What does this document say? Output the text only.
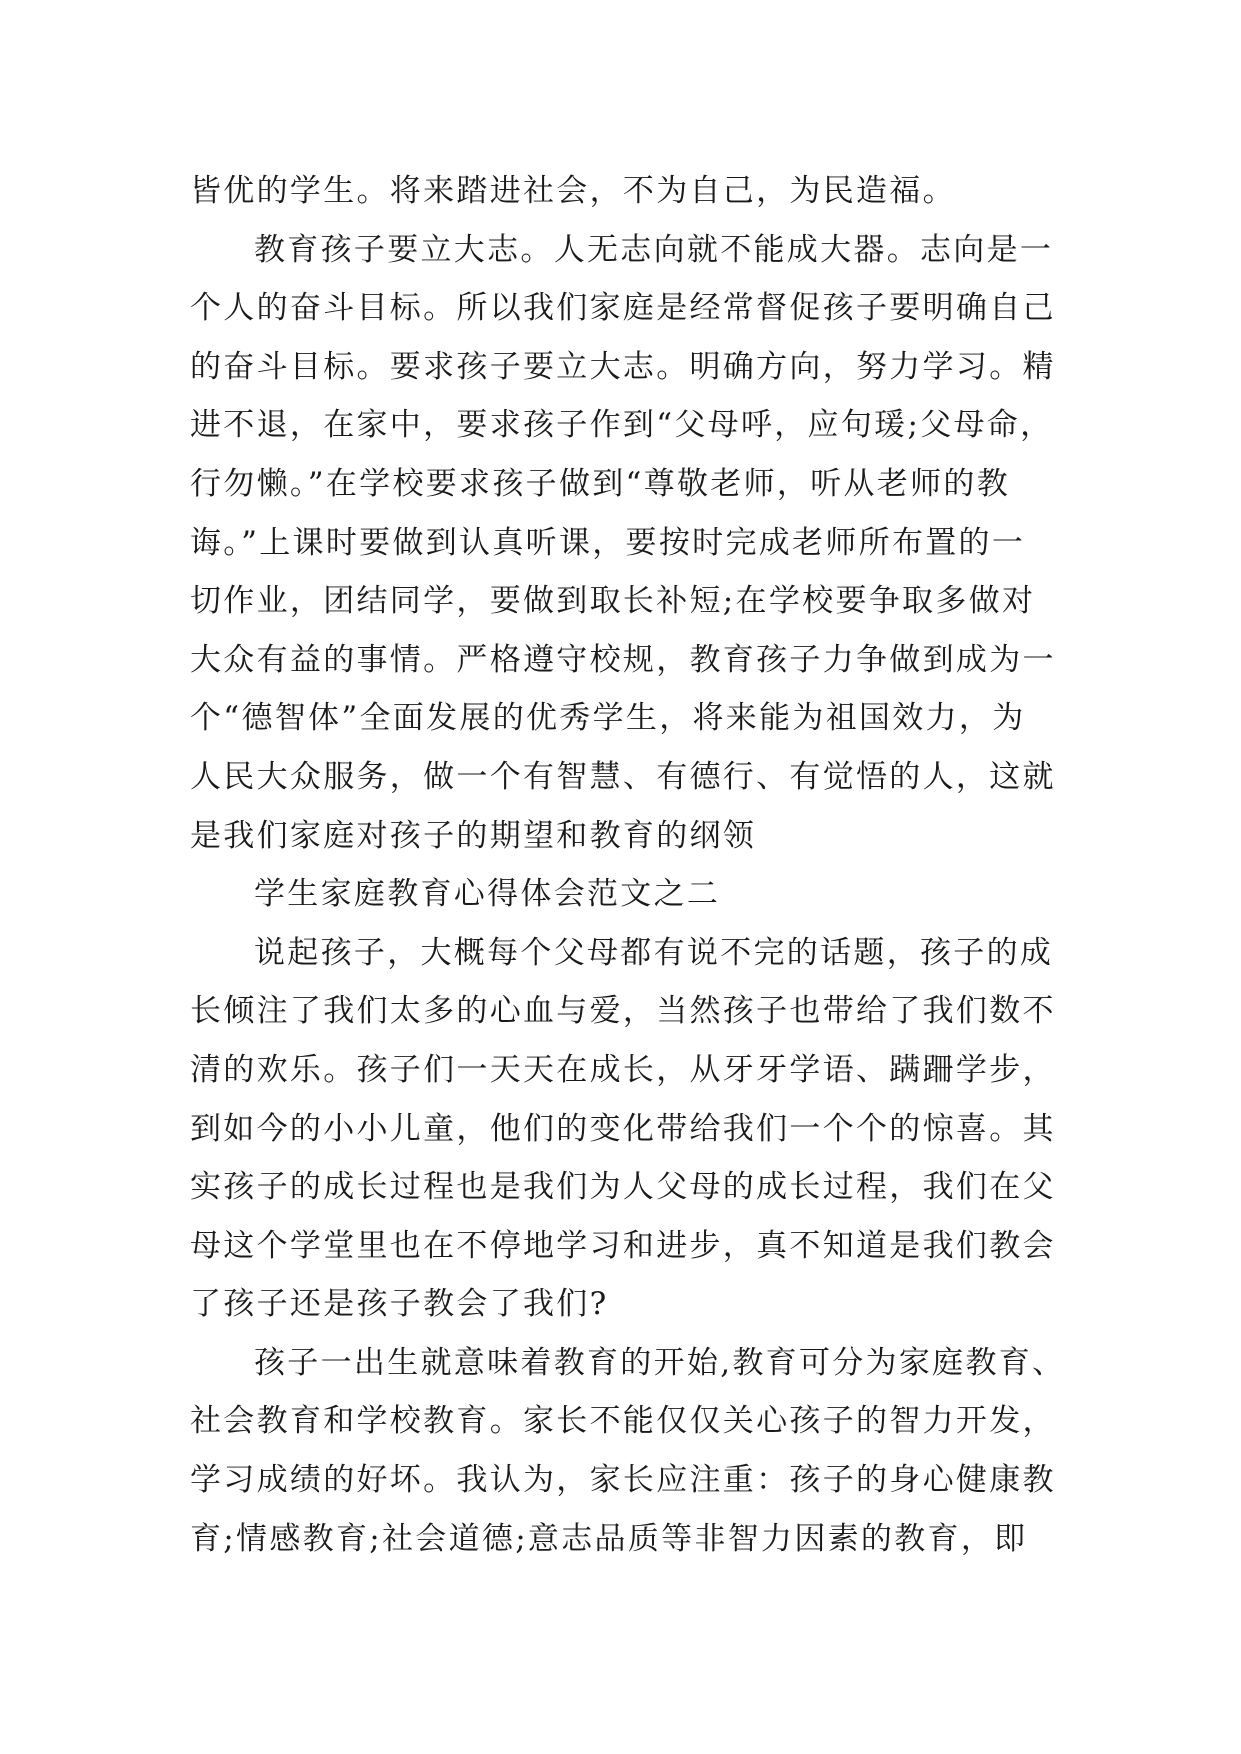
皆优的学生。将来踏进社会，不为自己，为民造福。
教育孩子要立大志。人无志向就不能成大器。志向是一
个人的奋斗目标。所以我们家庭是经常督促孩子要明确自己
的奋斗目标。要求孩子要立大志。明确方向，努力学习。精
进不退，在家中，要求孩子作到“父母呼，应句瑗;父母命，
行勿懒。”在学校要求孩子做到“尊敬老师，听从老师的教
诲。”上课时要做到认真听课，要按时完成老师所布置的一
切作业，团结同学，要做到取长补短;在学校要争取多做对
大众有益的事情。严格遵守校规，教育孩子力争做到成为一
个“德智体”全面发展的优秀学生，将来能为祖国效力，为
人民大众服务，做一个有智慧、有德行、有觉悟的人，这就
是我们家庭对孩子的期望和教育的纲领
学生家庭教育心得体会范文之二
说起孩子，大概每个父母都有说不完的话题，孩子的成
长倾注了我们太多的心血与爱，当然孩子也带给了我们数不
清的欢乐。孩子们一天天在成长，从牙牙学语、蹒跚学步，
到如今的小小儿童，他们的变化带给我们一个个的惊喜。其
实孩子的成长过程也是我们为人父母的成长过程，我们在父
母这个学堂里也在不停地学习和进步，真不知道是我们教会
了孩子还是孩子教会了我们?
孩子一出生就意味着教育的开始,教育可分为家庭教育、
社会教育和学校教育。家长不能仅仅关心孩子的智力开发，
学习成绩的好坏。我认为，家长应注重：孩子的身心健康教
育;情感教育;社会道德;意志品质等非智力因素的教育，即
